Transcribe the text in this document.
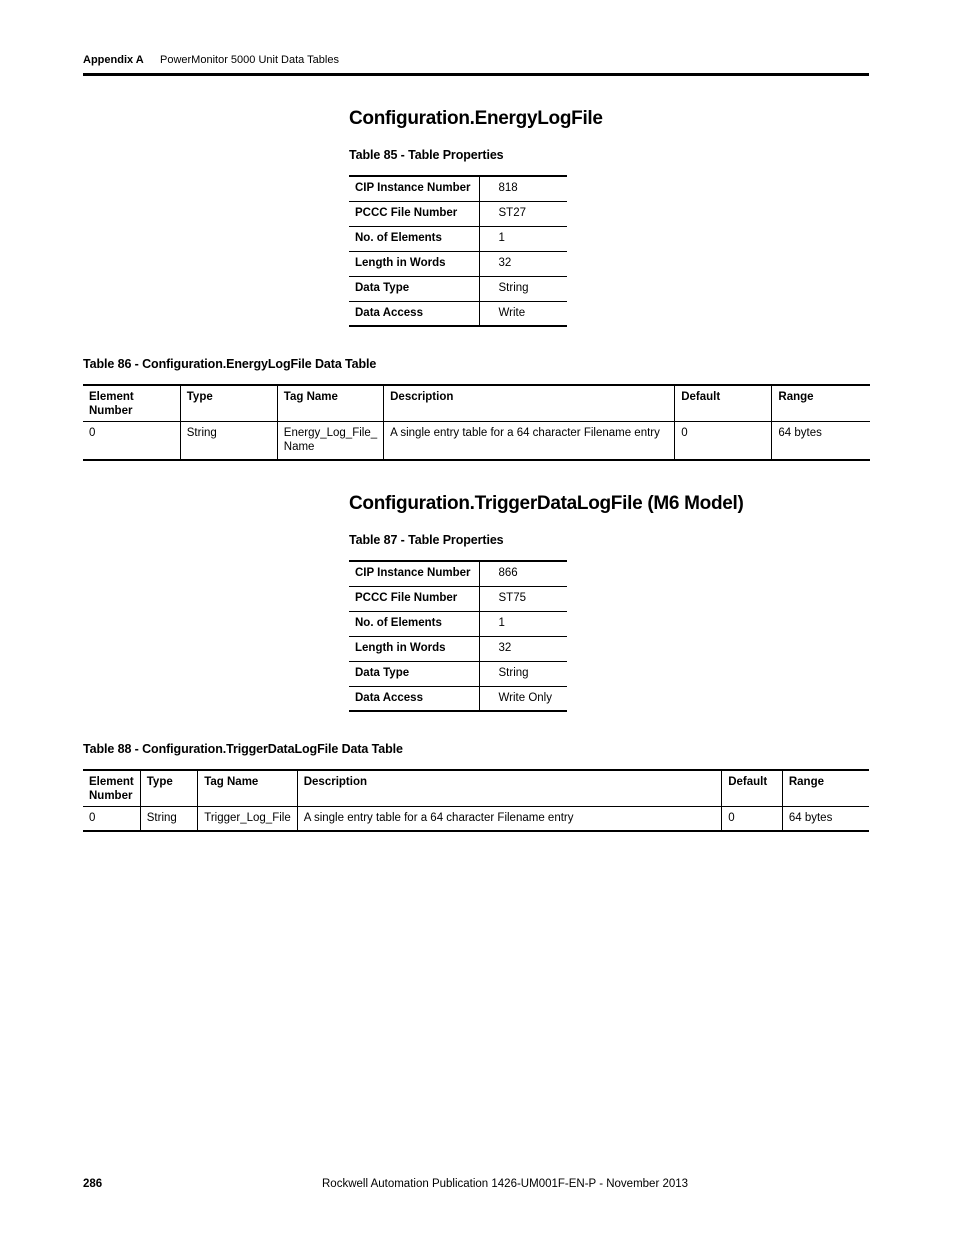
Appendix A PowerMonitor 5000 Unit Data Tables
Configuration.EnergyLogFile
Table 85 - Table Properties
CIP Instance Number	818
PCCC File Number	ST27
No. of Elements	1
Length in Words	32
Data Type	String
Data Access	Write
Table 86 - Configuration.EnergyLogFile Data Table
Element Number	Type	Tag Name	Description	Default	Range
0	String	Energy_Log_File_ Name	A single entry table for a 64 character Filename entry	0	64 bytes
Configuration.TriggerDataLogFile (M6 Model)
Table 87 - Table Properties
CIP Instance Number	866
PCCC File Number	ST75
No. of Elements	1
Length in Words	32
Data Type	String
Data Access	Write Only
Table 88 - Configuration.TriggerDataLogFile Data Table
Element Number	Type	Tag Name	Description	Default	Range
0	String	Trigger_Log_File	A single entry table for a 64 character Filename entry	0	64 bytes
286	Rockwell Automation Publication 1426-UM001F-EN-P - November 2013
